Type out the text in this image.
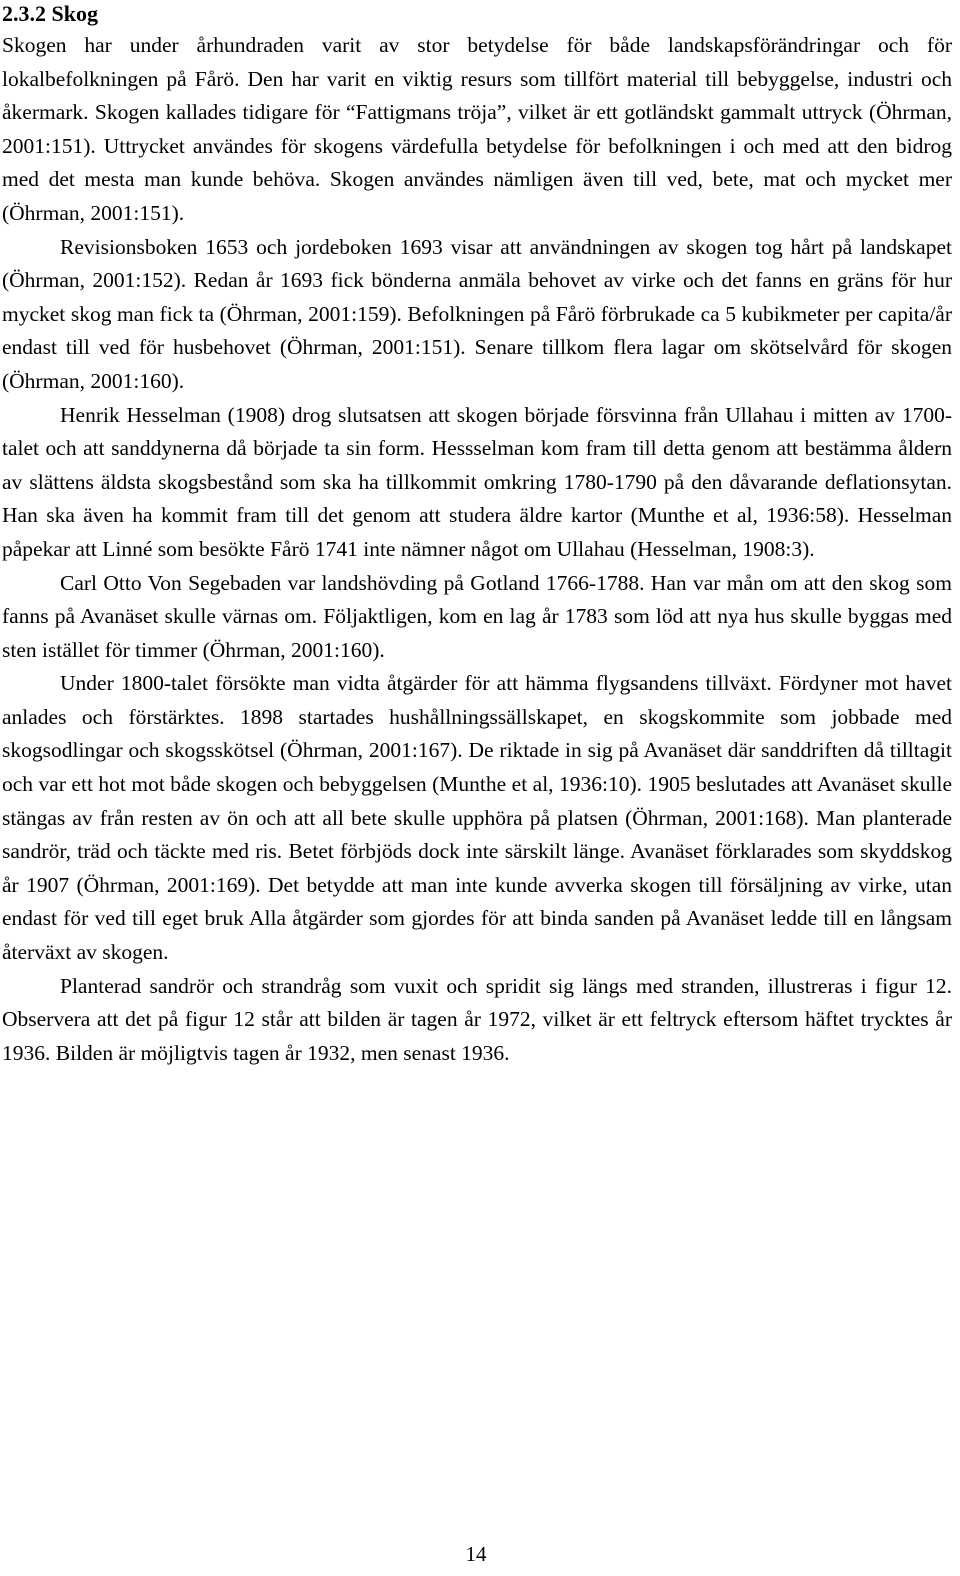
2.3.2 Skog

Skogen har under århundraden varit av stor betydelse för både landskapsförändringar och för lokalbefolkningen på Fårö. Den har varit en viktig resurs som tillfört material till bebyggelse, industri och åkermark. Skogen kallades tidigare för “Fattigmans tröja”, vilket är ett gotländskt gammalt uttryck (Öhrman, 2001:151). Uttrycket användes för skogens värdefulla betydelse för befolkningen i och med att den bidrog med det mesta man kunde behöva. Skogen användes nämligen även till ved, bete, mat och mycket mer (Öhrman, 2001:151).

Revisionsboken 1653 och jordeboken 1693 visar att användningen av skogen tog hårt på landskapet (Öhrman, 2001:152). Redan år 1693 fick bönderna anmäla behovet av virke och det fanns en gräns för hur mycket skog man fick ta (Öhrman, 2001:159). Befolkningen på Fårö förbrukade ca 5 kubikmeter per capita/år endast till ved för husbehovet (Öhrman, 2001:151). Senare tillkom flera lagar om skötselvård för skogen (Öhrman, 2001:160).

Henrik Hesselman (1908) drog slutsatsen att skogen började försvinna från Ullahau i mitten av 1700-talet och att sanddynerna då började ta sin form. Hessselman kom fram till detta genom att bestämma åldern av slättens äldsta skogsbestånd som ska ha tillkommit omkring 1780-1790 på den dåvarande deflationsytan. Han ska även ha kommit fram till det genom att studera äldre kartor (Munthe et al, 1936:58). Hesselman påpekar att Linné som besökte Fårö 1741 inte nämner något om Ullahau (Hesselman, 1908:3).

Carl Otto Von Segebaden var landshövding på Gotland 1766-1788. Han var mån om att den skog som fanns på Avanäset skulle värnas om. Följaktligen, kom en lag år 1783 som löd att nya hus skulle byggas med sten istället för timmer (Öhrman, 2001:160).

Under 1800-talet försökte man vidta åtgärder för att hämma flygsandens tillväxt. Fördyner mot havet anlades och förstärktes. 1898 startades hushållningssällskapet, en skogskommite som jobbade med skogsodlingar och skogsskötsel (Öhrman, 2001:167). De riktade in sig på Avanäset där sanddriften då tilltagit och var ett hot mot både skogen och bebyggelsen (Munthe et al, 1936:10). 1905 beslutades att Avanäset skulle stängas av från resten av ön och att all bete skulle upphöra på platsen (Öhrman, 2001:168). Man planterade sandrör, träd och täckte med ris. Betet förbjöds dock inte särskilt länge. Avanäset förklarades som skyddskog år 1907 (Öhrman, 2001:169). Det betydde att man inte kunde avverka skogen till försäljning av virke, utan endast för ved till eget bruk Alla åtgärder som gjordes för att binda sanden på Avanäset ledde till en långsam återväxt av skogen.

Planterad sandrör och strandråg som vuxit och spridit sig längs med stranden, illustreras i figur 12. Observera att det på figur 12 står att bilden är tagen år 1972, vilket är ett feltryck eftersom häftet trycktes år 1936. Bilden är möjligtvis tagen år 1932, men senast 1936.

14
